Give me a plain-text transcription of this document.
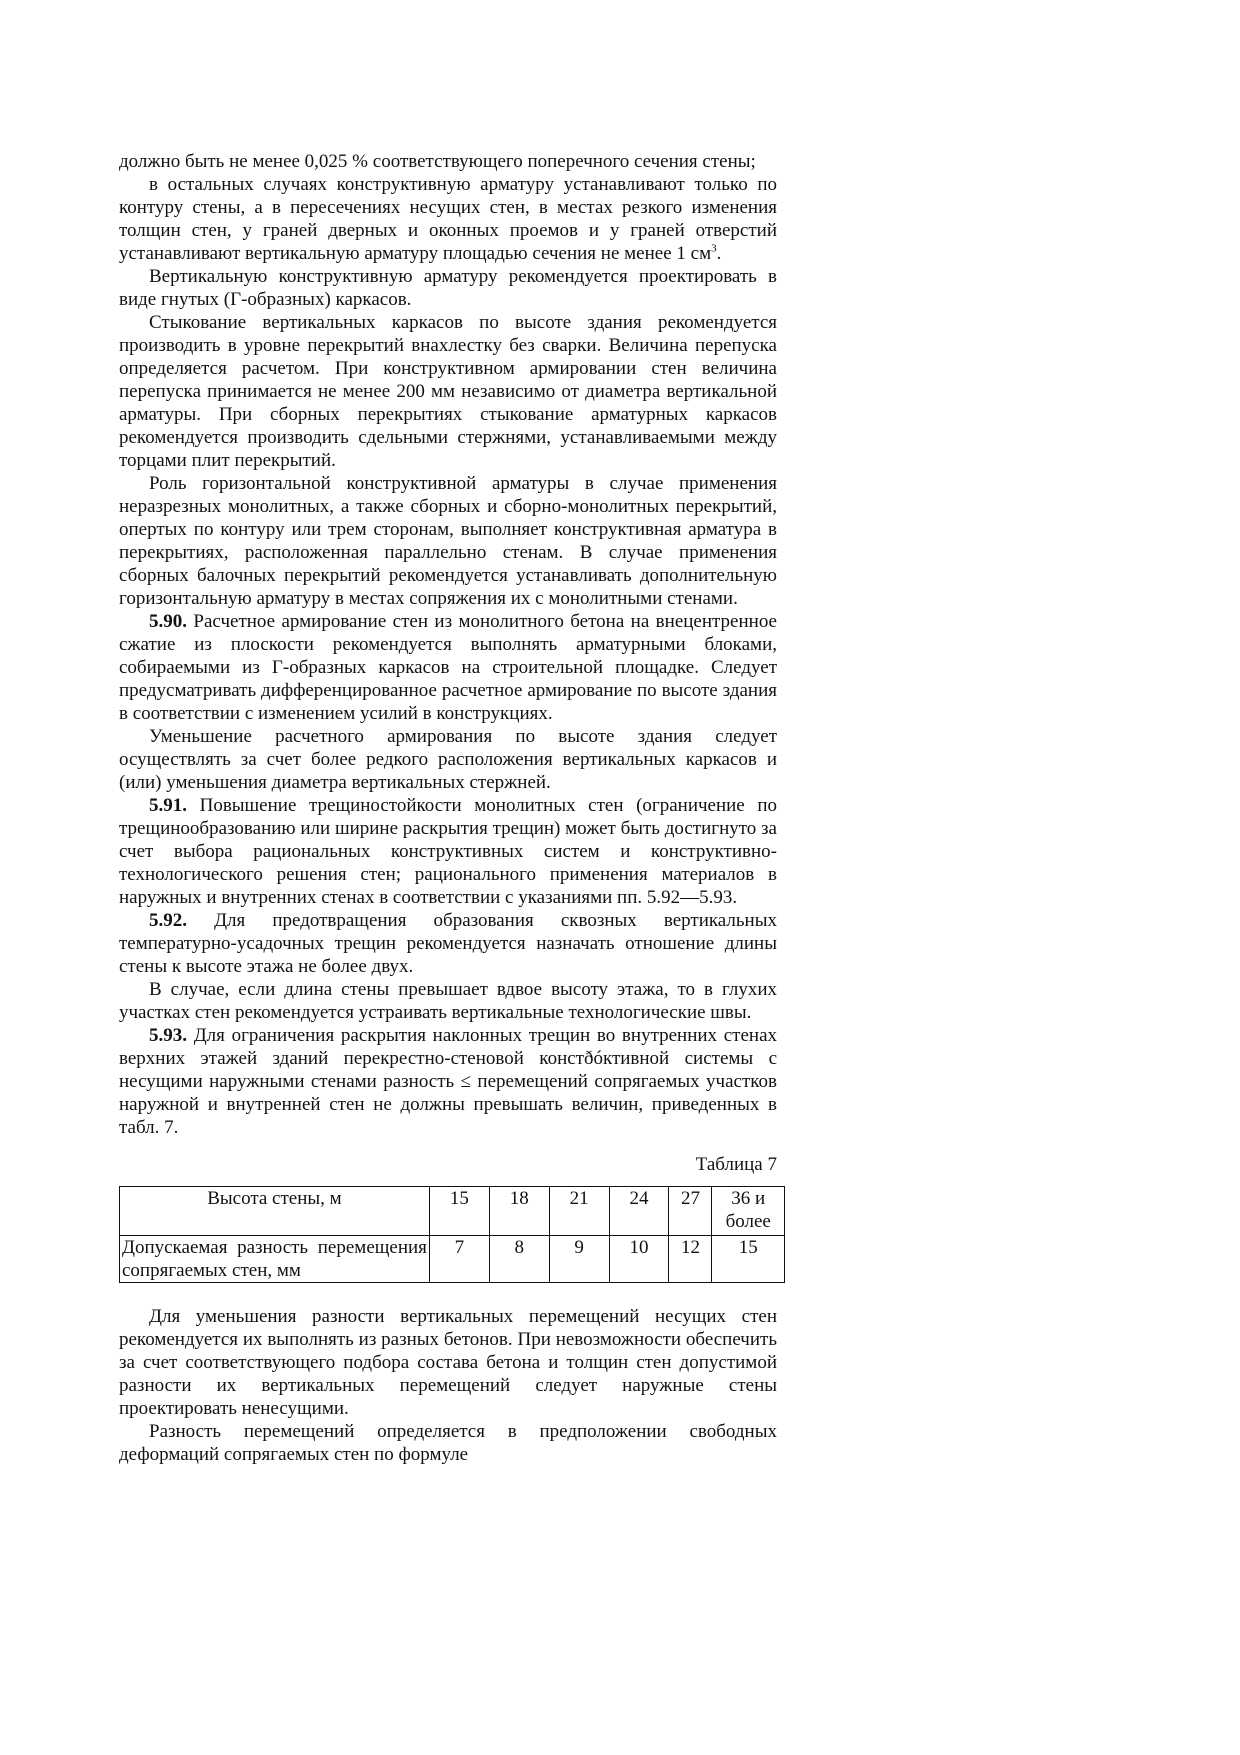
должно быть не менее 0,025 % соответствующего поперечного сечения стены;

в остальных случаях конструктивную арматуру устанавливают только по контуру стены, а в пересечениях несущих стен, в местах резкого изменения толщин стен, у граней дверных и оконных проемов и у граней отверстий устанавливают вертикальную арматуру площадью сечения не менее 1 $см^3$.

Вертикальную конструктивную арматуру рекомендуется проектировать в виде гнутых (Г-образных) каркасов.

Стыкование вертикальных каркасов по высоте здания рекомендуется производить в уровне перекрытий внахлестку без сварки. Величина перепуска определяется расчетом. При конструктивном армировании стен величина перепуска принимается не менее 200 мм независимо от диаметра вертикальной арматуры. При сборных перекрытиях стыкование арматурных каркасов рекомендуется производить сдельными стержнями, устанавливаемыми между торцами плит перекрытий.

Роль горизонтальной конструктивной арматуры в случае применения неразрезных монолитных, а также сборных и сборно-монолитных перекрытий, опертых по контуру или трем сторонам, выполняет конструктивная арматура в перекрытиях, расположенная параллельно стенам. В случае применения сборных балочных перекрытий рекомендуется устанавливать дополнительную горизонтальную арматуру в местах сопряжения их с монолитными стенами.

5.90. Расчетное армирование стен из монолитного бетона на внецентренное сжатие из плоскости рекомендуется выполнять арматурными блоками, собираемыми из Г-образных каркасов на строительной площадке. Следует предусматривать дифференцированное расчетное армирование по высоте здания в соответствии с изменением усилий в конструкциях.

Уменьшение расчетного армирования по высоте здания следует осуществлять за счет более редкого расположения вертикальных каркасов и (или) уменьшения диаметра вертикальных стержней.

5.91. Повышение трещиностойкости монолитных стен (ограничение по трещинообразованию или ширине раскрытия трещин) может быть достигнуто за счет выбора рациональных конструктивных систем и конструктивно-технологического решения стен; рационального применения материалов в наружных и внутренних стенах в соответствии с указаниями пп. 5.92—5.93.

5.92. Для предотвращения образования сквозных вертикальных температурно-усадочных трещин рекомендуется назначать отношение длины стены к высоте этажа не более двух.

В случае, если длина стены превышает вдвое высоту этажа, то в глухих участках стен рекомендуется устраивать вертикальные технологические швы.

5.93. Для ограничения раскрытия наклонных трещин во внутренних стенах верхних этажей зданий перекрестно-стеновой констðóктивной системы с несущими наружными стенами разность ≤ перемещений сопрягаемых участков наружной и внутренней стен не должны превышать величин, приведенных в табл. 7.

Таблица 7
Высота стены, м	15	18	21	24	27	36 и более
Допускаемая разность перемещения сопрягаемых стен, мм	7	8	9	10	12	15

Для уменьшения разности вертикальных перемещений несущих стен рекомендуется их выполнять из разных бетонов. При невозможности обеспечить за счет соответствующего подбора состава бетона и толщин стен допустимой разности их вертикальных перемещений следует наружные стены проектировать ненесущими.

Разность перемещений определяется в предположении свободных деформаций сопрягаемых стен по формуле
